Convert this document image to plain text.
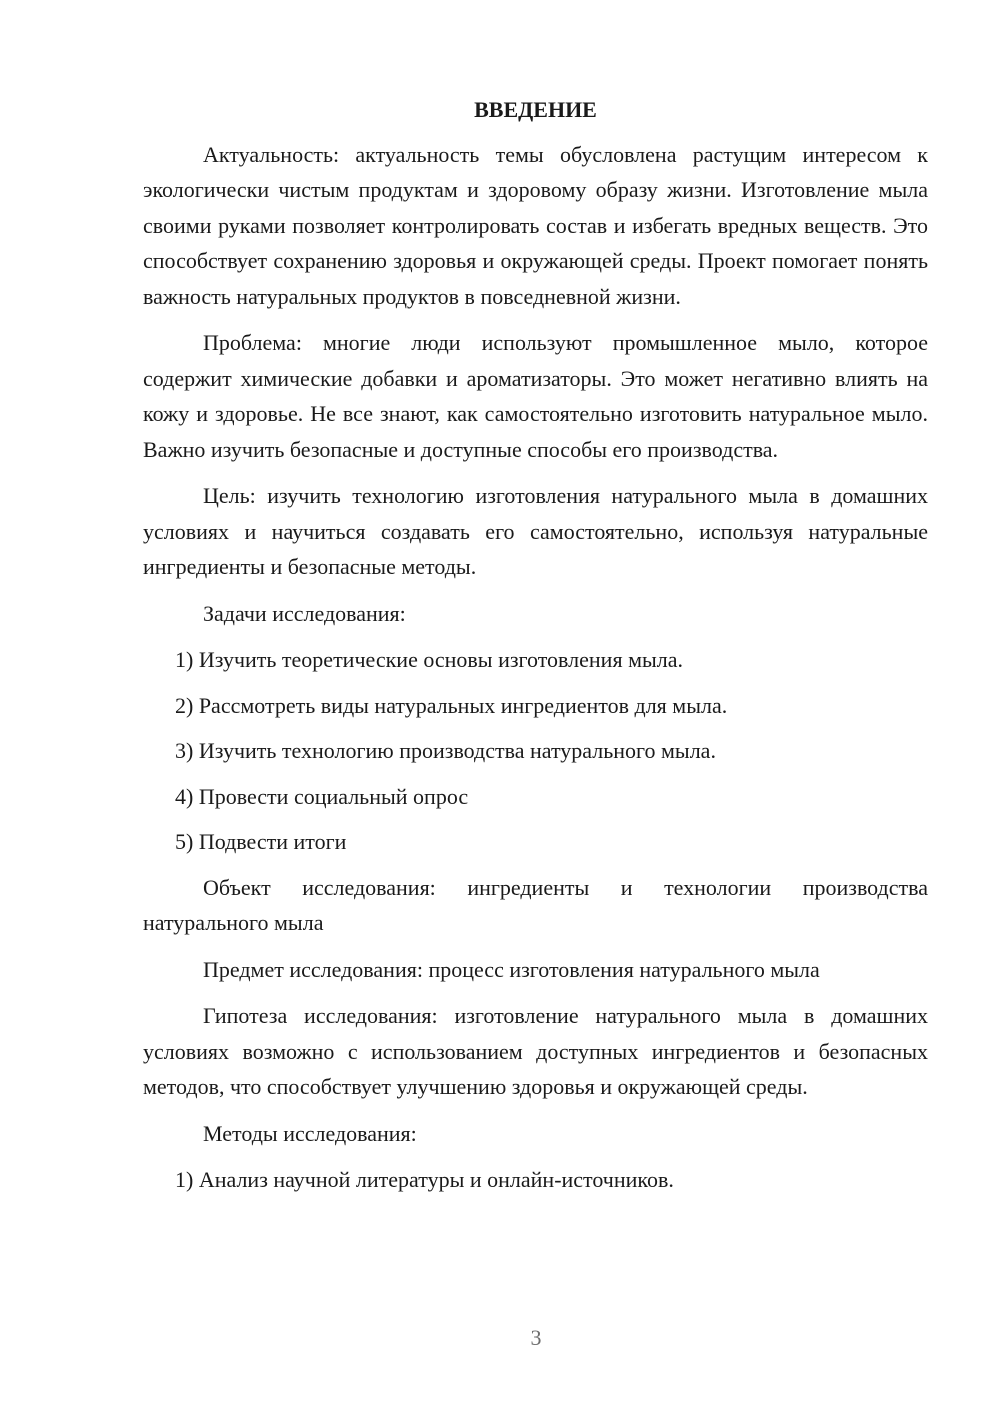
ВВЕДЕНИЕ

Актуальность: актуальность темы обусловлена растущим интересом к экологически чистым продуктам и здоровому образу жизни. Изготовление мыла своими руками позволяет контролировать состав и избегать вредных веществ. Это способствует сохранению здоровья и окружающей среды. Проект помогает понять важность натуральных продуктов в повседневной жизни.

Проблема: многие люди используют промышленное мыло, которое содержит химические добавки и ароматизаторы. Это может негативно влиять на кожу и здоровье. Не все знают, как самостоятельно изготовить натуральное мыло. Важно изучить безопасные и доступные способы его производства.

Цель: изучить технологию изготовления натурального мыла в домашних условиях и научиться создавать его самостоятельно, используя натуральные ингредиенты и безопасные методы.

Задачи исследования:

1) Изучить теоретические основы изготовления мыла.
2) Рассмотреть виды натуральных ингредиентов для мыла.
3) Изучить технологию производства натурального мыла.
4) Провести социальный опрос
5) Подвести итоги

Объект исследования: ингредиенты и технологии производства натурального мыла

Предмет исследования: процесс изготовления натурального мыла

Гипотеза исследования: изготовление натурального мыла в домашних условиях возможно с использованием доступных ингредиентов и безопасных методов, что способствует улучшению здоровья и окружающей среды.

Методы исследования:

1) Анализ научной литературы и онлайн-источников.
3
